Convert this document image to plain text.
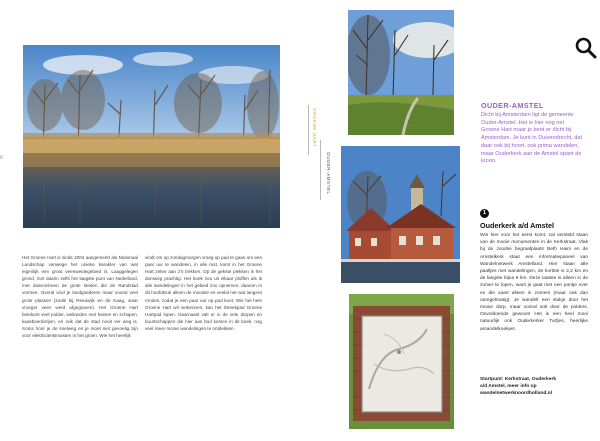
8

Het Groene Hart is sinds 2004 aangemerkt als Nationaal Landschap vanwege het unieke karakter van wat eigenlijk een groot veenweidegebied is. Laaggelegen grond, met daarin zelfs het laagste punt van Nederland, met daaromheen de grote steden die de Randstad vormen. Overal vind je landgoederen maar vooral veel grote plassen (zoals bij Reeuwijk en de Kaag, waar vroeger veen werd afgegraven). Het Groene Hart betekent veel polder, weilanden met koeien en schapen, kaasboerderijen, en ook dat de stad nooit ver weg is. Soms hoor je de snelweg en je moet niet gevoelig zijn voor elektriciteitsmasten in het groen. Wie het heerlijk

vindt om op zondagmorgen vroeg op pad te gaan om een paar uur te wandelen, in alle rust, komt in het Groene Hart zeker aan z'n trekken. Op de gekste plekken is het domweg prachtig. Het boek zou uit elkaar ploffen als ik alle wandelingen in het gebied zou opnemen, daarom in dit hoofdstuk alleen de mooiste en veelal net wat langere rondes, zodat je een paar uur op pad kunt. Wie het hele Groene Hart wil verkennen, kan het Streekpad Groene Hartpad lopen. Daarnaast valt er in de vele dorpen en buurtschappen die hier aan bod komen in dit boek, nog veel meer mooie wandelingen te ontdekken.

GROENE HART
OUDER-AMSTEL

OUDER-AMSTEL

Dicht bij Amsterdam ligt de gemeente Ouder-Amstel. Het is hier nog net Groene Hart maar je bent er dicht bij Amsterdam. Je kunt in Duivendrecht, dat daar ook bij hoort, ook prima wandelen, maar Ouderkerk aan de Amstel spant de kroon.

1

Ouderkerk a/d Amstel

Wie hier voor het eerst komt, zal versteld staan van de mooie monumenten in de Kerkstraat. Vlak bij de Joodse begraafplaats Beth Haim en de Amstelkerk staat een informatiepaneel van Wandelnetwerk Amstelland. Hier staan alle paaltjes met wandelingen, de kortste is 2,2 km en de langste bijna 9 km. Deze laatste is alleen in de zomer te lopen, want je gaat met een pontje over en die vaart alleen in zomers (maar ook dan onregelmatig). Je wandelt een stukje door het mooie dorp, maar vooral ook door de polders. Onvoldoende gewoon! Het is een heel mooi natuurlijk ook Ouderkerker Turfjes, heerlijke amandelkoekjes.

Startpunt: Kerkstraat, Ouderkerk
a/d Amstel, meer info op
wandelnetwerknoordholland.nl
